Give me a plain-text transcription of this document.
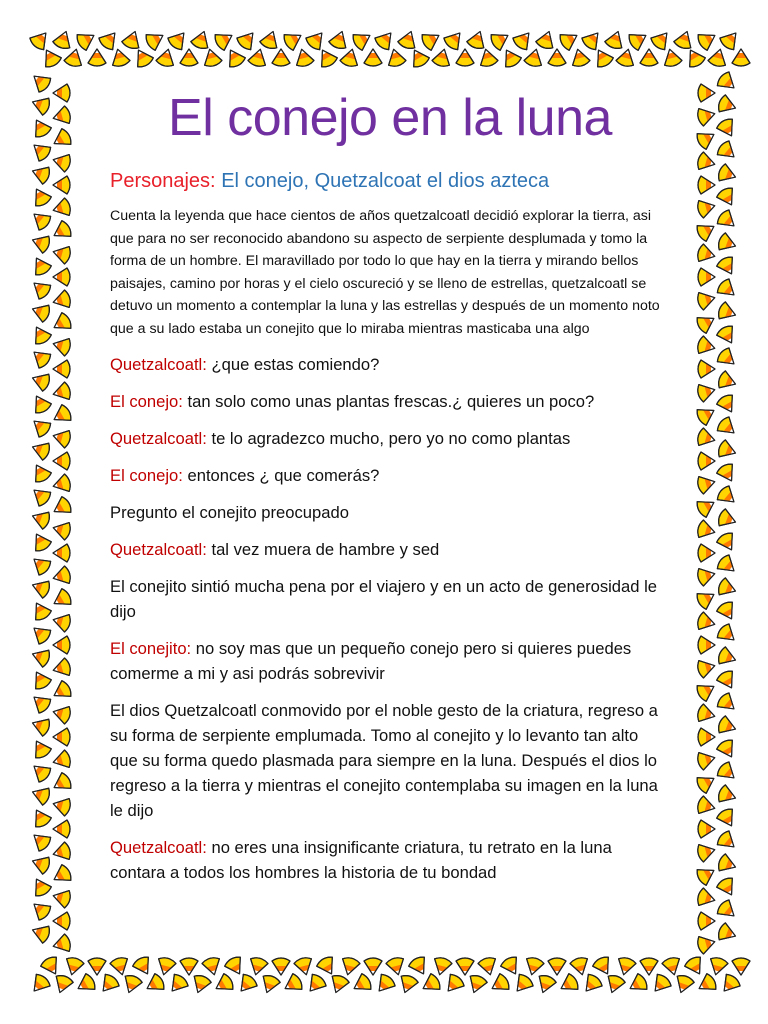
El conejo en la luna

Personajes: El conejo, Quetzalcoat el dios azteca

Cuenta la leyenda que hace cientos de años quetzalcoatl decidió explorar la tierra, asi que para no ser reconocido abandono su aspecto de serpiente desplumada y tomo la forma de un hombre. El maravillado por todo lo que hay en la tierra y mirando bellos paisajes, camino por horas y el cielo oscureció y se lleno de estrellas, quetzalcoatl se detuvo un momento a contemplar la luna y las estrellas y después de un momento noto que a su lado estaba un conejito que lo miraba mientras masticaba una algo

Quetzalcoatl: ¿que estas comiendo?

El conejo: tan solo como unas plantas frescas.¿ quieres un poco?

Quetzalcoatl: te lo agradezco mucho, pero yo no como plantas

El conejo: entonces ¿ que comerás?

Pregunto el conejito preocupado

Quetzalcoatl: tal vez muera de hambre y sed

El conejito sintió mucha pena por el viajero y en un acto de generosidad le dijo

El conejito: no soy mas que un pequeño conejo pero si quieres puedes comerme a mi y asi podrás sobrevivir

El dios Quetzalcoatl conmovido por el noble gesto de la criatura, regreso a su forma de serpiente emplumada. Tomo al conejito y lo levanto tan alto que su forma quedo plasmada para siempre en la luna. Después el dios lo regreso a la tierra y mientras el conejito contemplaba su imagen en la luna le dijo

Quetzalcoatl: no eres una insignificante criatura, tu retrato en la luna contara a todos los hombres la historia de tu bondad
